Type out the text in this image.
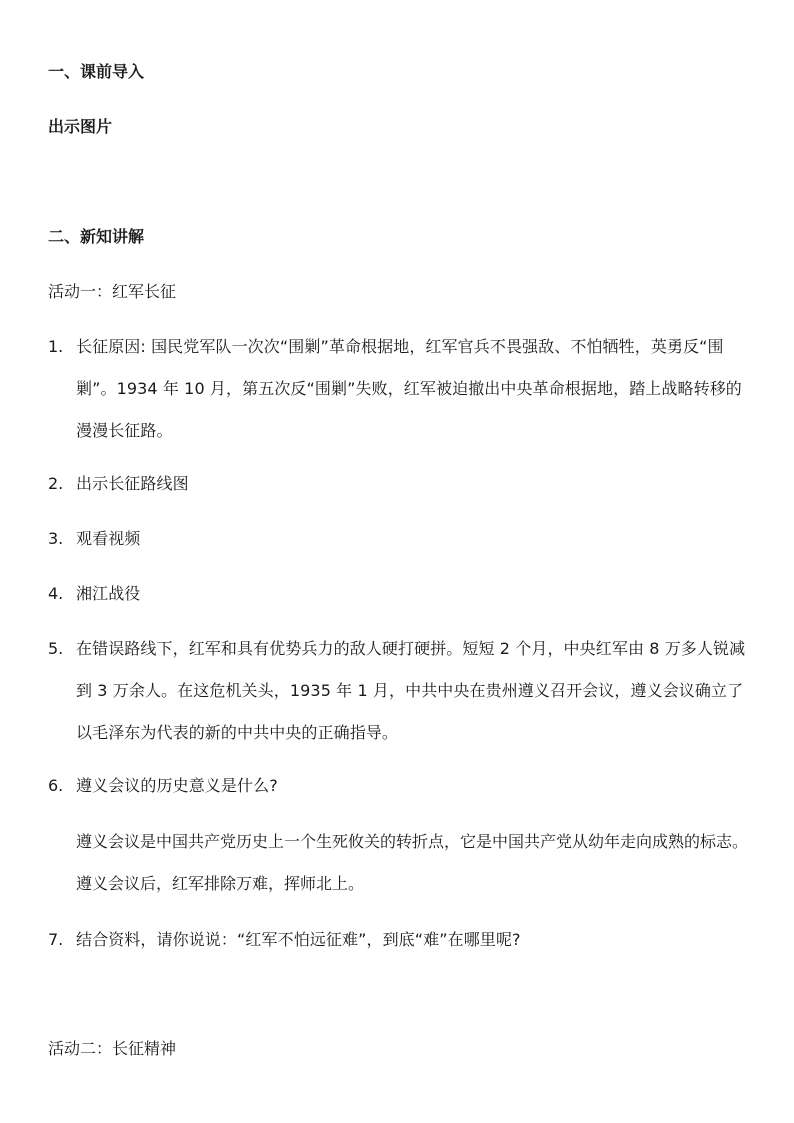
一、课前导入
出示图片
二、新知讲解
活动一：红军长征
1. 长征原因: 国民党军队一次次“围剿”革命根据地，红军官兵不畏强敌、不怕牺牲，英勇反“围剿”。1934 年 10 月，第五次反“围剿”失败，红军被迫撤出中央革命根据地，踏上战略转移的漫漫长征路。
2. 出示长征路线图
3. 观看视频
4. 湘江战役
5. 在错误路线下，红军和具有优势兵力的敌人硬打硬拼。短短 2 个月，中央红军由 8 万多人锐减到 3 万余人。在这危机关头，1935 年 1 月，中共中央在贵州遵义召开会议，遵义会议确立了以毛泽东为代表的新的中共中央的正确指导。
6. 遵义会议的历史意义是什么?
遵义会议是中国共产党历史上一个生死攸关的转折点，它是中国共产党从幼年走向成熟的标志。遵义会议后，红军排除万难，挥师北上。
7. 结合资料，请你说说：“红军不怕远征难”，到底“难”在哪里呢?
活动二：长征精神
